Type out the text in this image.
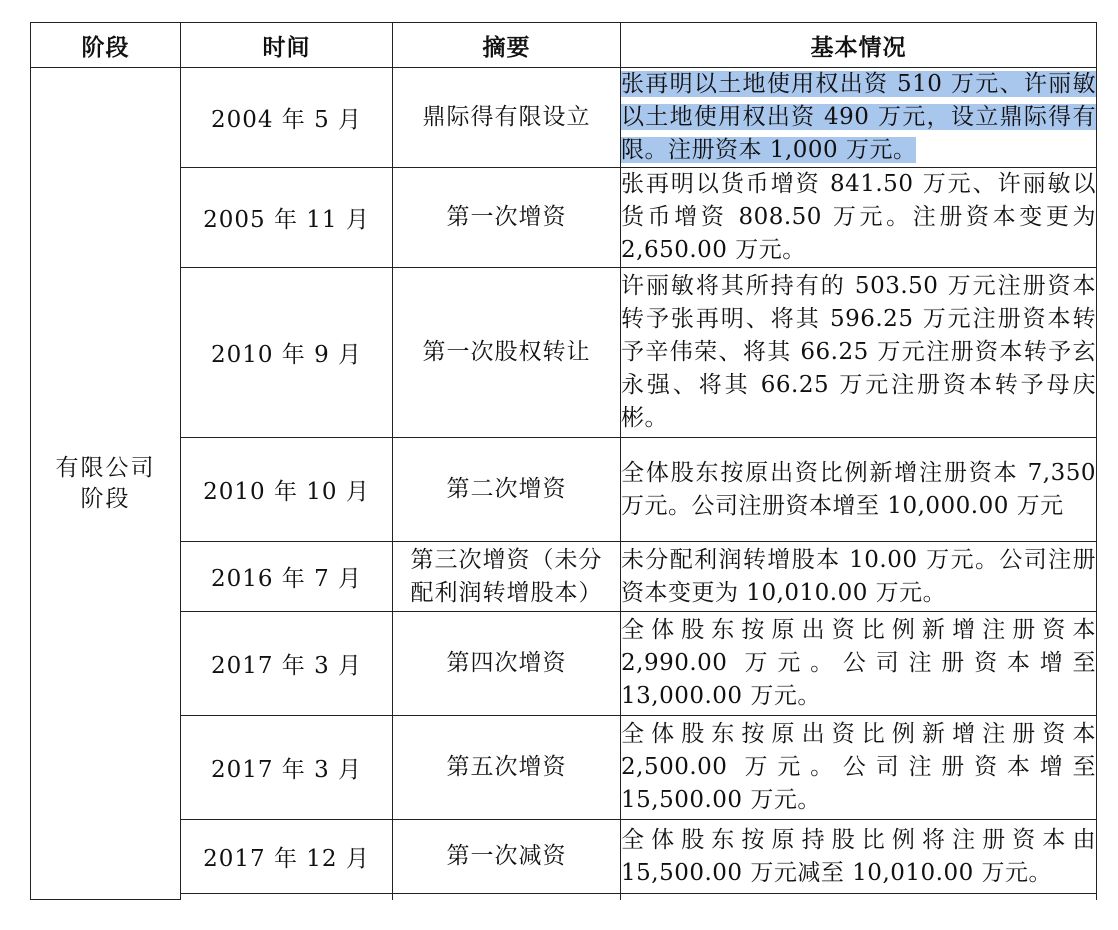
阶段	时间	摘要	基本情况
有限公司阶段	2004 年 5 月	鼎际得有限设立	张再明以土地使用权出资 510 万元、许丽敏以土地使用权出资 490 万元，设立鼎际得有限。注册资本 1,000 万元。
	2005 年 11 月	第一次增资	张再明以货币增资 841.50 万元、许丽敏以货币增资 808.50 万元。注册资本变更为 2,650.00 万元。
	2010 年 9 月	第一次股权转让	许丽敏将其所持有的 503.50 万元注册资本转予张再明、将其 596.25 万元注册资本转予辛伟荣、将其 66.25 万元注册资本转予玄永强、将其 66.25 万元注册资本转予母庆彬。
	2010 年 10 月	第二次增资	全体股东按原出资比例新增注册资本 7,350 万元。公司注册资本增至 10,000.00 万元
	2016 年 7 月	第三次增资（未分配利润转增股本）	未分配利润转增股本 10.00 万元。公司注册资本变更为 10,010.00 万元。
	2017 年 3 月	第四次增资	全体股东按原出资比例新增注册资本 2,990.00 万元。公司注册资本增至 13,000.00 万元。
	2017 年 3 月	第五次增资	全体股东按原出资比例新增注册资本 2,500.00 万元。公司注册资本增至 15,500.00 万元。
	2017 年 12 月	第一次减资	全体股东按原持股比例将注册资本由 15,500.00 万元减至 10,010.00 万元。
